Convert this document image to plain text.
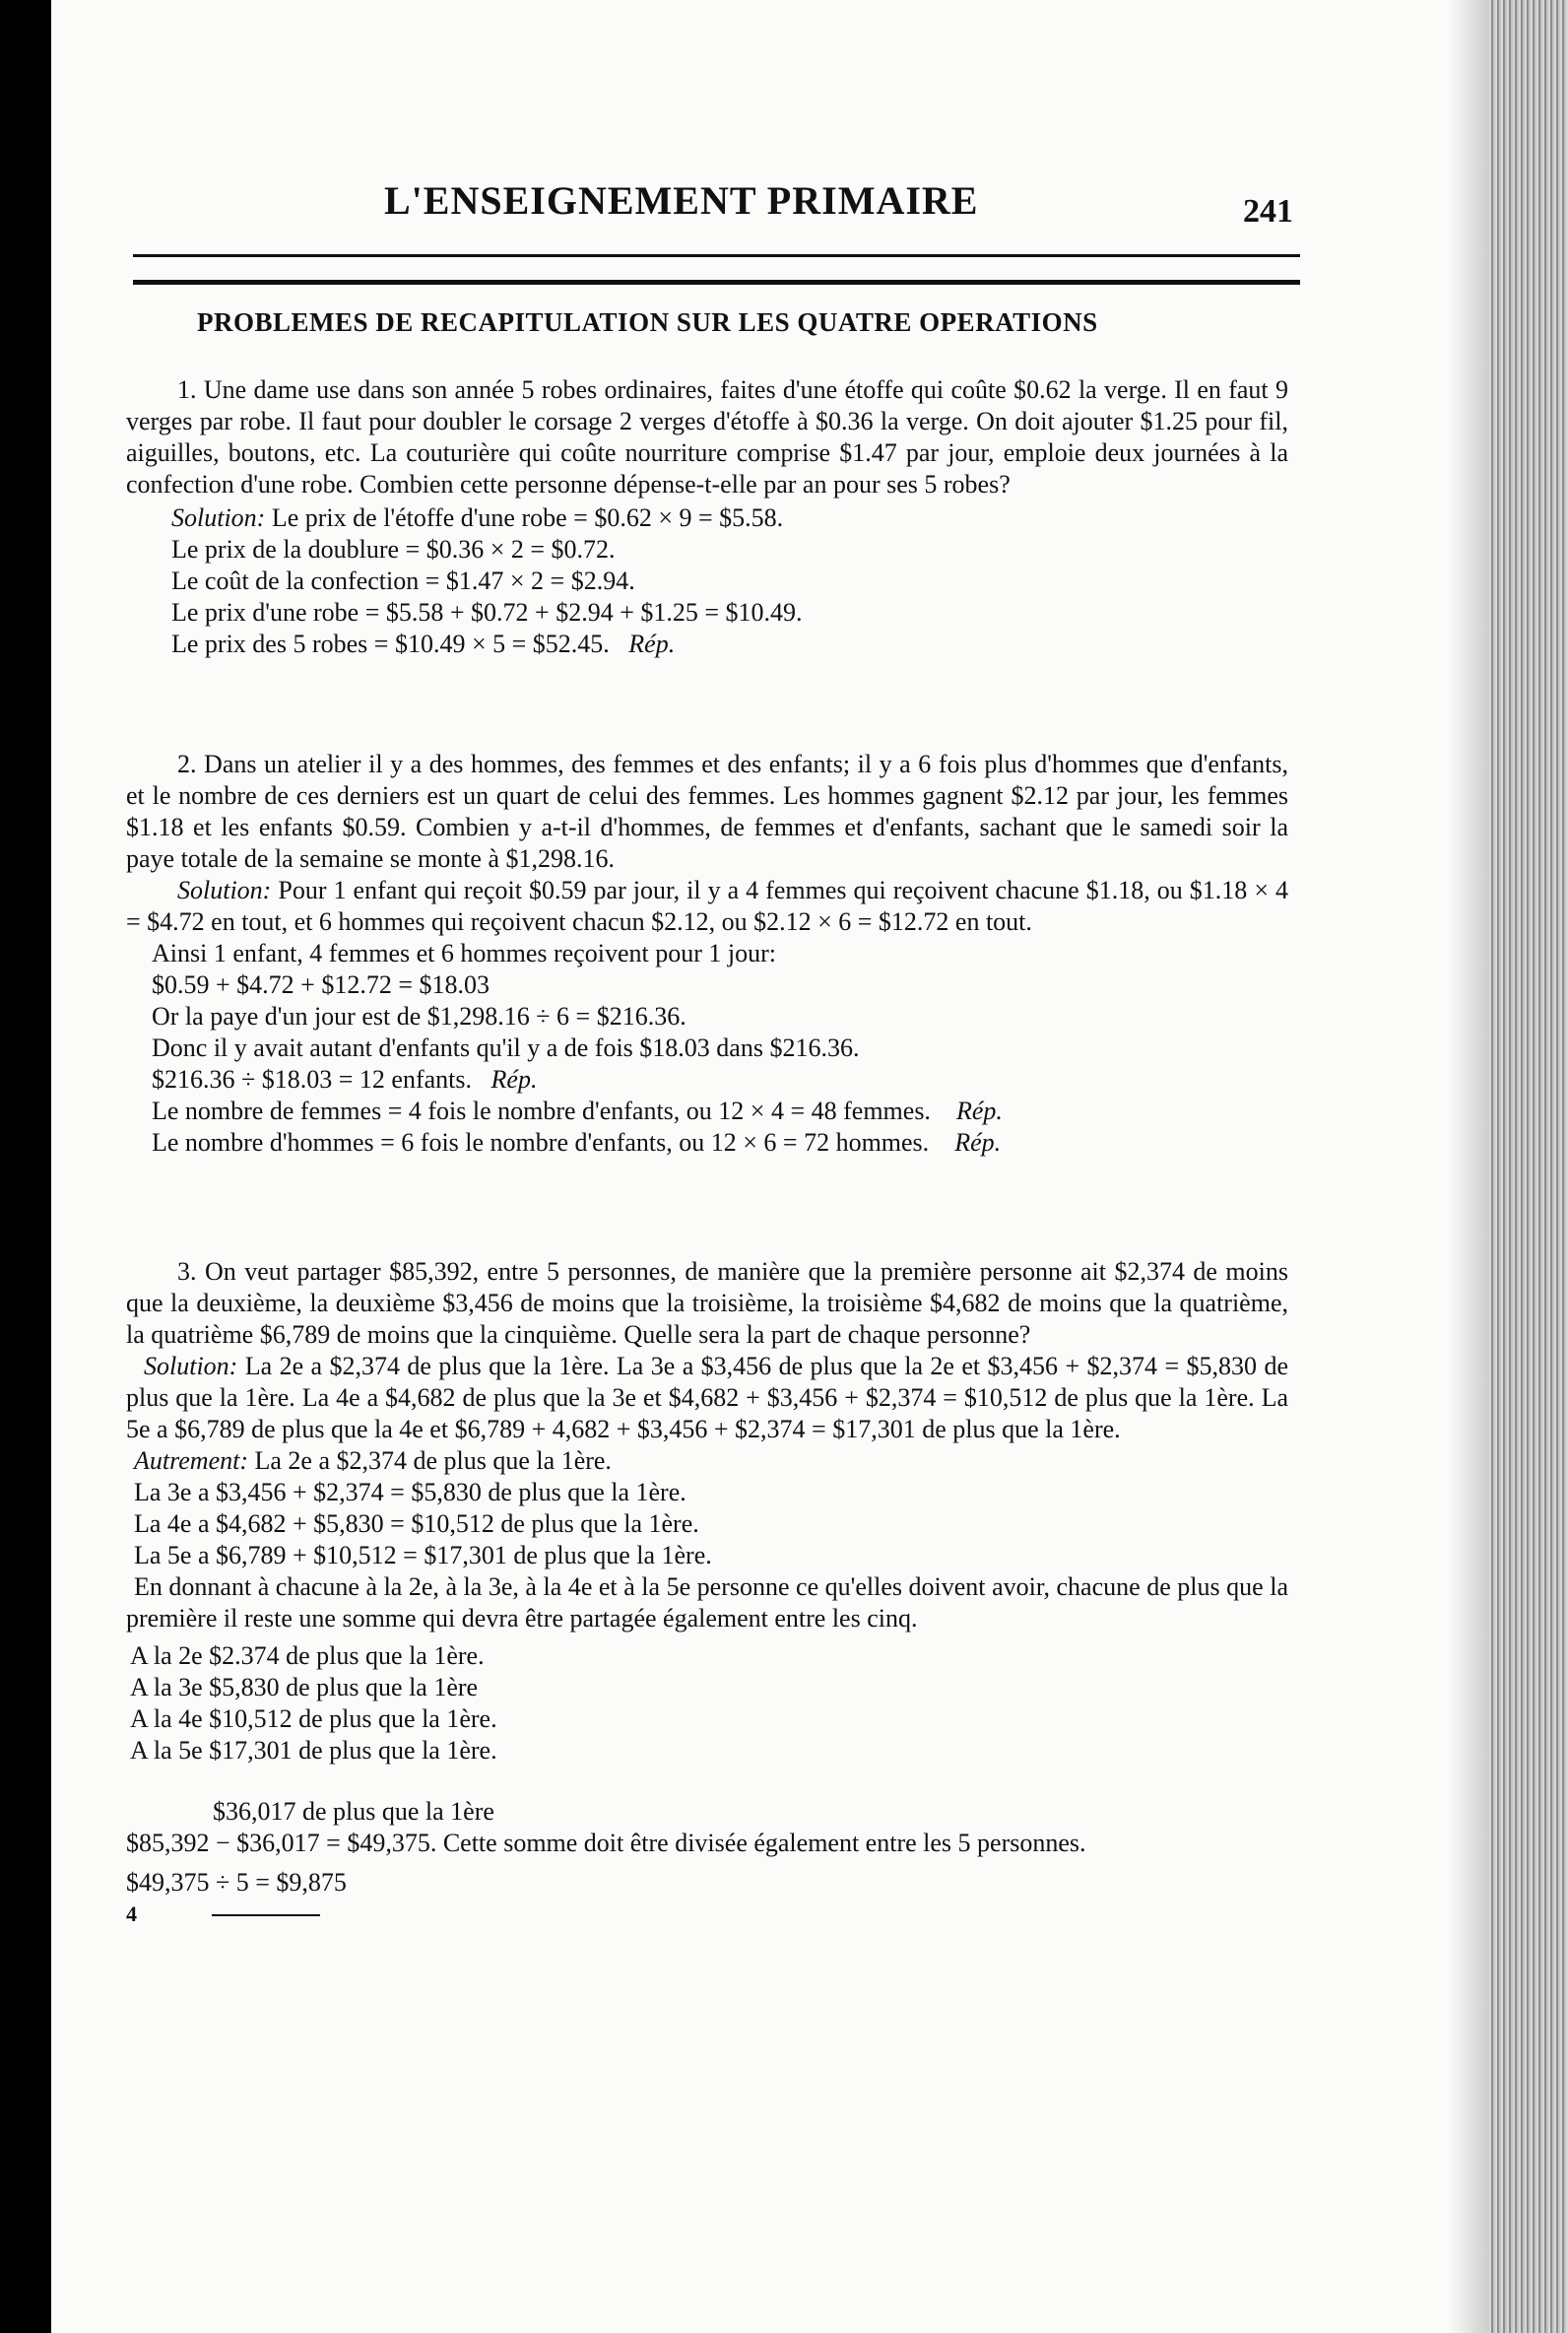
L'ENSEIGNEMENT PRIMAIRE	241
PROBLEMES DE RECAPITULATION SUR LES QUATRE OPERATIONS

1. Une dame use dans son année 5 robes ordinaires, faites d'une étoffe qui coûte $0.62 la verge. Il en faut 9 verges par robe. Il faut pour doubler le corsage 2 verges d'étoffe à $0.36 la verge. On doit ajouter $1.25 pour fil, aiguilles, boutons, etc. La couturière qui coûte nourriture comprise $1.47 par jour, emploie deux journées à la confection d'une robe. Combien cette personne dépense-t-elle par an pour ses 5 robes?

Solution: Le prix de l'étoffe d'une robe = $0.62 × 9 = $5.58.
Le prix de la doublure = $0.36 × 2 = $0.72.
Le coût de la confection = $1.47 × 2 = $2.94.
Le prix d'une robe = $5.58 + $0.72 + $2.94 + $1.25 = $10.49.
Le prix des 5 robes = $10.49 × 5 = $52.45. Rép.

2. Dans un atelier il y a des hommes, des femmes et des enfants; il y a 6 fois plus d'hommes que d'enfants, et le nombre de ces derniers est un quart de celui des femmes. Les hommes gagnent $2.12 par jour, les femmes $1.18 et les enfants $0.59. Combien y a-t-il d'hommes, de femmes et d'enfants, sachant que le samedi soir la paye totale de la semaine se monte à $1,298.16.

Solution: Pour 1 enfant qui reçoit $0.59 par jour, il y a 4 femmes qui reçoivent chacune $1.18, ou $1.18 × 4 = $4.72 en tout, et 6 hommes qui reçoivent chacun $2.12, ou $2.12 × 6 = $12.72 en tout.

Ainsi 1 enfant, 4 femmes et 6 hommes reçoivent pour 1 jour:
$0.59 + $4.72 + $12.72 = $18.03
Or la paye d'un jour est de $1,298.16 ÷ 6 = $216.36.
Donc il y avait autant d'enfants qu'il y a de fois $18.03 dans $216.36.
$216.36 ÷ $18.03 = 12 enfants. Rép.
Le nombre de femmes = 4 fois le nombre d'enfants, ou 12 × 4 = 48 femmes. Rép.
Le nombre d'hommes = 6 fois le nombre d'enfants, ou 12 × 6 = 72 hommes. Rép.

3. On veut partager $85,392, entre 5 personnes, de manière que la première personne ait $2,374 de moins que la deuxième, la deuxième $3,456 de moins que la troisième, la troisième $4,682 de moins que la quatrième, la quatrième $6,789 de moins que la cinquième. Quelle sera la part de chaque personne?

Solution: La 2e a $2,374 de plus que la 1ère. La 3e a $3,456 de plus que la 2e et $3,456 + $2,374 = $5,830 de plus que la 1ère. La 4e a $4,682 de plus que la 3e et $4,682 + $3,456 + $2,374 = $10,512 de plus que la 1ère. La 5e a $6,789 de plus que la 4e et $6,789 + 4,682 + $3,456 + $2,374 = $17,301 de plus que la 1ère.

Autrement: La 2e a $2,374 de plus que la 1ère.
La 3e a $3,456 + $2,374 = $5,830 de plus que la 1ère.
La 4e a $4,682 + $5,830 = $10,512 de plus que la 1ère.
La 5e a $6,789 + $10,512 = $17,301 de plus que la 1ère.

En donnant à chacune à la 2e, à la 3e, à la 4e et à la 5e personne ce qu'elles doivent avoir, chacune de plus que la première il reste une somme qui devra être partagée également entre les cinq.

A la 2e $2.374 de plus que la 1ère.
A la 3e $5,830 de plus que la 1ère
A la 4e $10,512 de plus que la 1ère.
A la 5e $17,301 de plus que la 1ère.
$36,017 de plus que la 1ère

$85,392 − $36,017 = $49,375. Cette somme doit être divisée également entre les 5 personnes.

$49,375 ÷ 5 = $9,875
4
